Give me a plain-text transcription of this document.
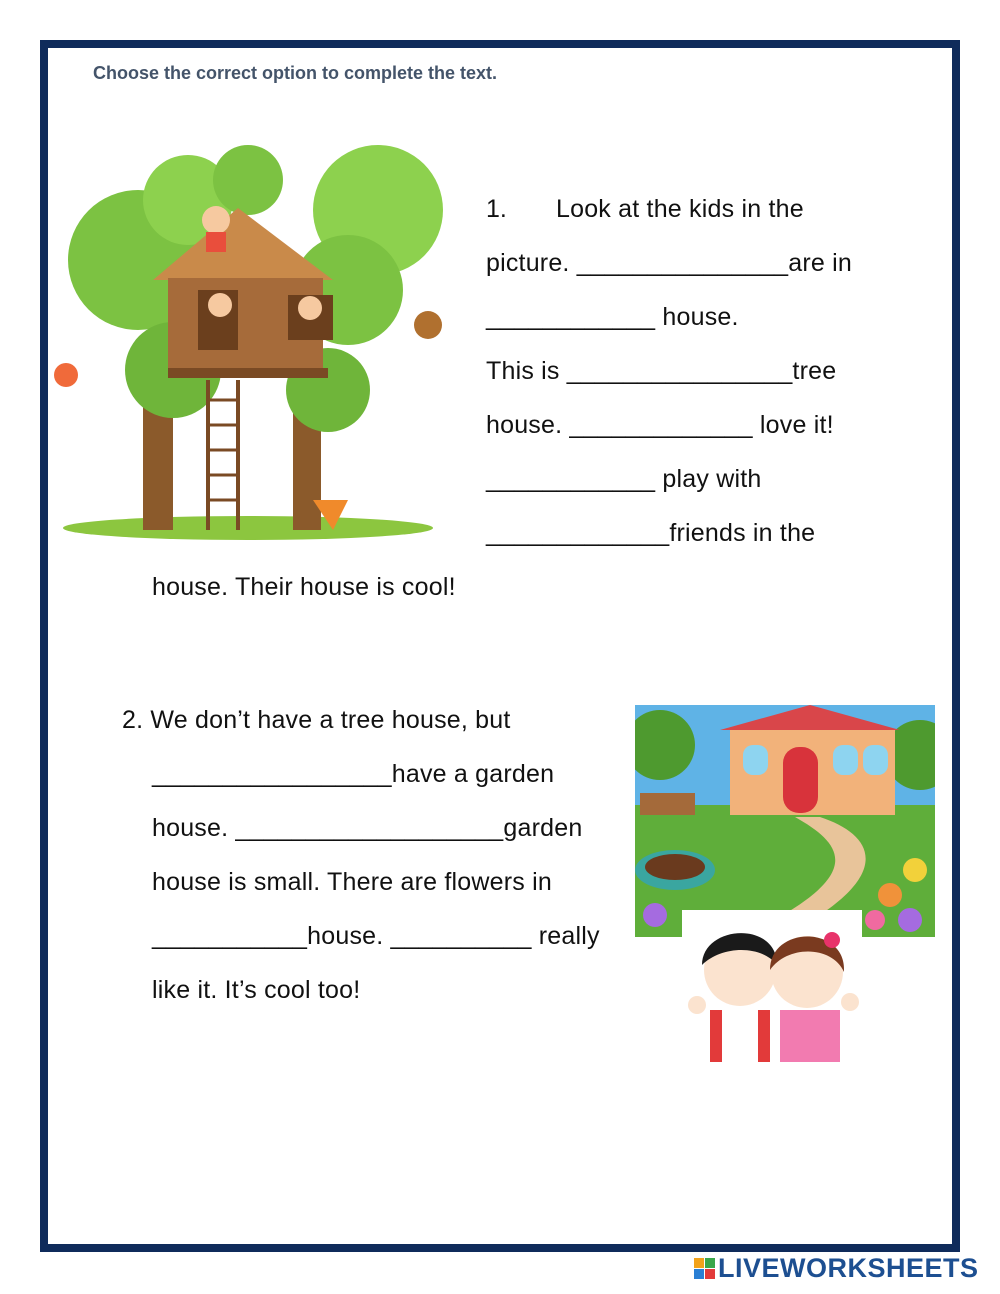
Choose the correct option to complete the text.
1. Look at the kids in the
picture. _______________are in
____________ house.
This is ________________tree
house. _____________ love it!
____________ play with
_____________friends in the
house. Their house is cool!
2. We don’t have a tree house, but
_________________have a garden
house. ___________________garden
house is small. There are flowers in
___________house. __________ really
like it. It’s cool too!
LIVEWORKSHEETS
